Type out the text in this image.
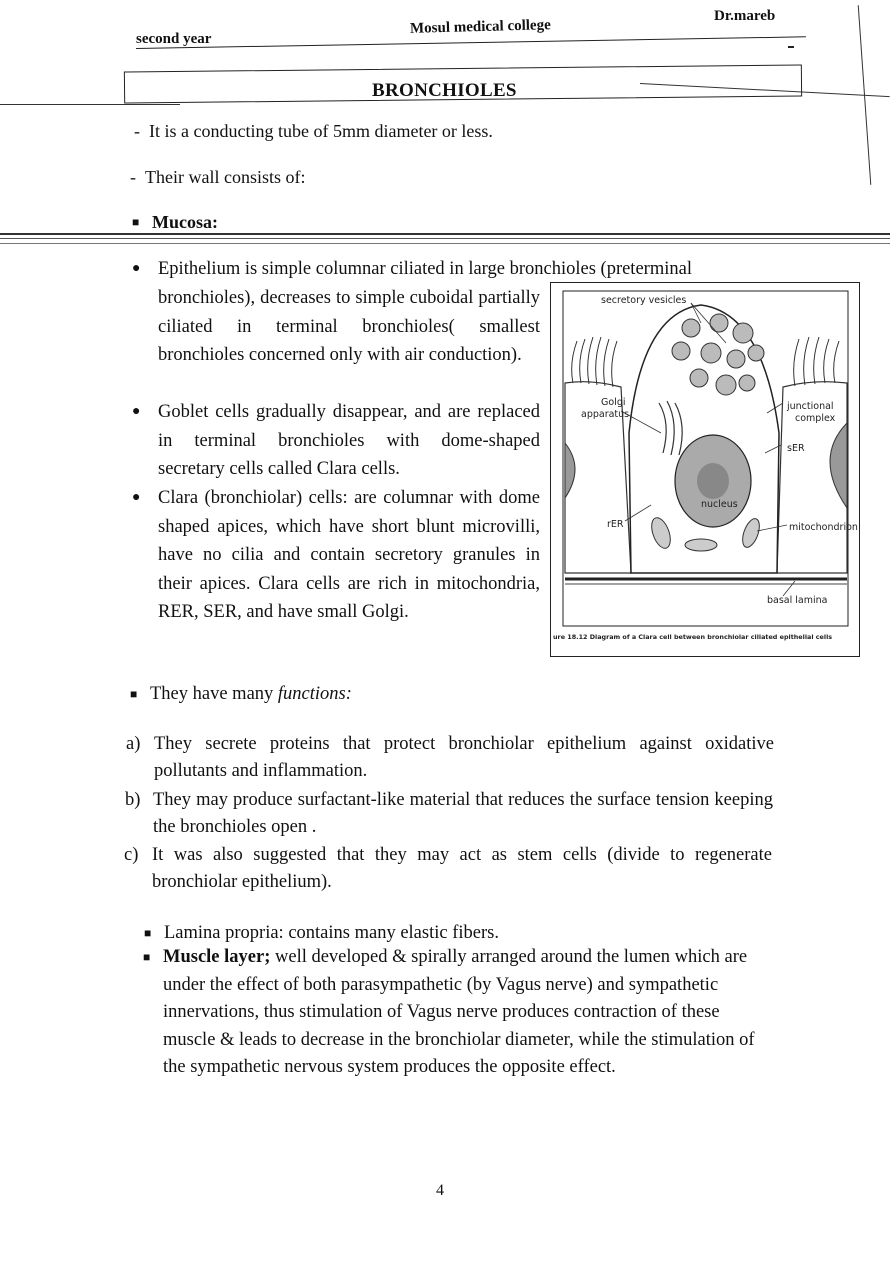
second year
Mosul medical college
Dr.mareb
BRONCHIOLES
-  It is a conducting tube of 5mm diameter or less.
-  Their wall consists of:
■ Mucosa:
● Epithelium is simple columnar ciliated in large bronchioles (preterminal
bronchioles), decreases to simple cuboidal partially ciliated in terminal bronchioles( smallest bronchioles concerned only with air conduction).
● Goblet cells gradually disappear, and are replaced in terminal bronchioles with dome-shaped secretary cells called Clara cells.
● Clara (bronchiolar) cells: are columnar with dome shaped apices, which have short blunt microvilli, have no cilia and contain secretory granules in their apices. Clara cells are rich in mitochondria, RER, SER, and have small Golgi.
secretory vesicles
Golgi
apparatus
junctional
complex
sER
rER
nucleus
mitochondrion
basal lamina
ure 18.12 Diagram of a Clara cell between bronchiolar ciliated epithelial cells
■ They have many functions:
a) They secrete proteins that protect bronchiolar epithelium against oxidative pollutants and inflammation.
b) They may produce surfactant-like material that reduces the surface tension keeping the bronchioles open .
c) It was also suggested that they may act as stem cells (divide to regenerate bronchiolar epithelium).
■ Lamina propria: contains many elastic fibers.
■ Muscle layer; well developed & spirally arranged around the lumen which are under the effect of both parasympathetic (by Vagus nerve) and sympathetic innervations, thus stimulation of Vagus nerve produces contraction of these muscle & leads to decrease in the bronchiolar diameter, while the stimulation of the sympathetic nervous system produces the opposite effect.
4
